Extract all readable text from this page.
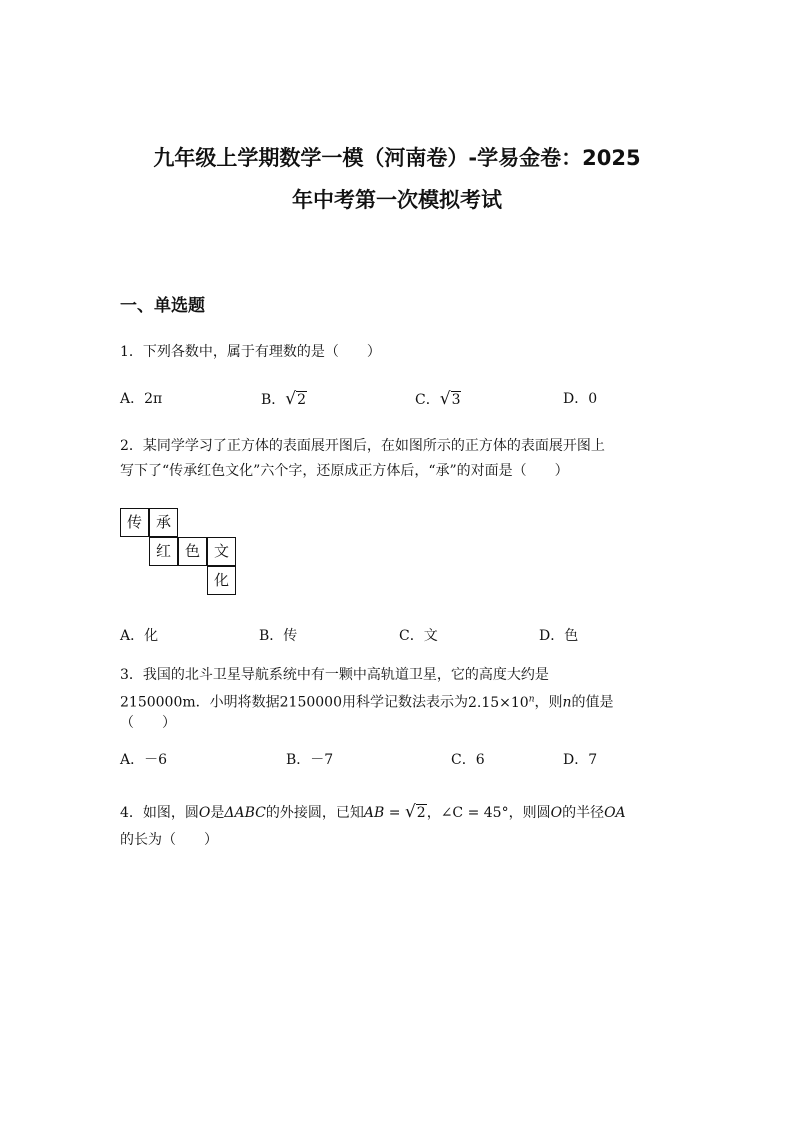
九年级上学期数学一模（河南卷）-学易金卷：2025
年中考第一次模拟考试
一、单选题
1．下列各数中，属于有理数的是（　　）
A．2π	B．√2	C．√3	D．0
2．某同学学习了正方体的表面展开图后，在如图所示的正方体的表面展开图上
写下了“传承红色文化”六个字，还原成正方体后，“承”的对面是（　　）
传 承
红 色 文
化
A．化	B．传	C．文	D．色
3．我国的北斗卫星导航系统中有一颗中高轨道卫星，它的高度大约是
2150000m．小明将数据2150000用科学记数法表示为$2.15\times 10^n$，则n的值是
（　　）
A．－6	B．－7	C．6	D．7
4．如图，圆O是ΔABC的外接圆，已知AB = √2，∠C = 45°，则圆O的半径OA
的长为（　　）
